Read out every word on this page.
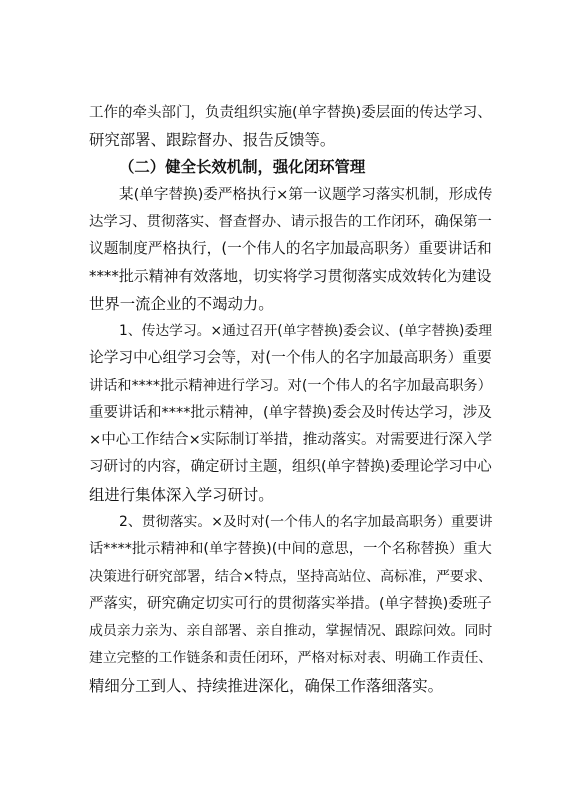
工作的牵头部门，负责组织实施(单字替换)委层面的传达学习、
研究部署、跟踪督办、报告反馈等。
（二）健全长效机制，强化闭环管理
某(单字替换)委严格执行×第一议题学习落实机制，形成传
达学习、贯彻落实、督查督办、请示报告的工作闭环，确保第一
议题制度严格执行，(一个伟人的名字加最高职务）重要讲话和
****批示精神有效落地，切实将学习贯彻落实成效转化为建设
世界一流企业的不竭动力。
1、传达学习。×通过召开(单字替换)委会议、(单字替换)委理
论学习中心组学习会等，对(一个伟人的名字加最高职务）重要
讲话和****批示精神进行学习。对(一个伟人的名字加最高职务）
重要讲话和****批示精神，(单字替换)委会及时传达学习，涉及
×中心工作结合×实际制订举措，推动落实。对需要进行深入学
习研讨的内容，确定研讨主题，组织(单字替换)委理论学习中心
组进行集体深入学习研讨。
2、贯彻落实。×及时对(一个伟人的名字加最高职务）重要讲
话****批示精神和(单字替换)(中间的意思，一个名称替换）重大
决策进行研究部署，结合×特点，坚持高站位、高标准，严要求、
严落实，研究确定切实可行的贯彻落实举措。(单字替换)委班子
成员亲力亲为、亲自部署、亲自推动，掌握情况、跟踪问效。同时
建立完整的工作链条和责任闭环，严格对标对表、明确工作责任、
精细分工到人、持续推进深化，确保工作落细落实。
